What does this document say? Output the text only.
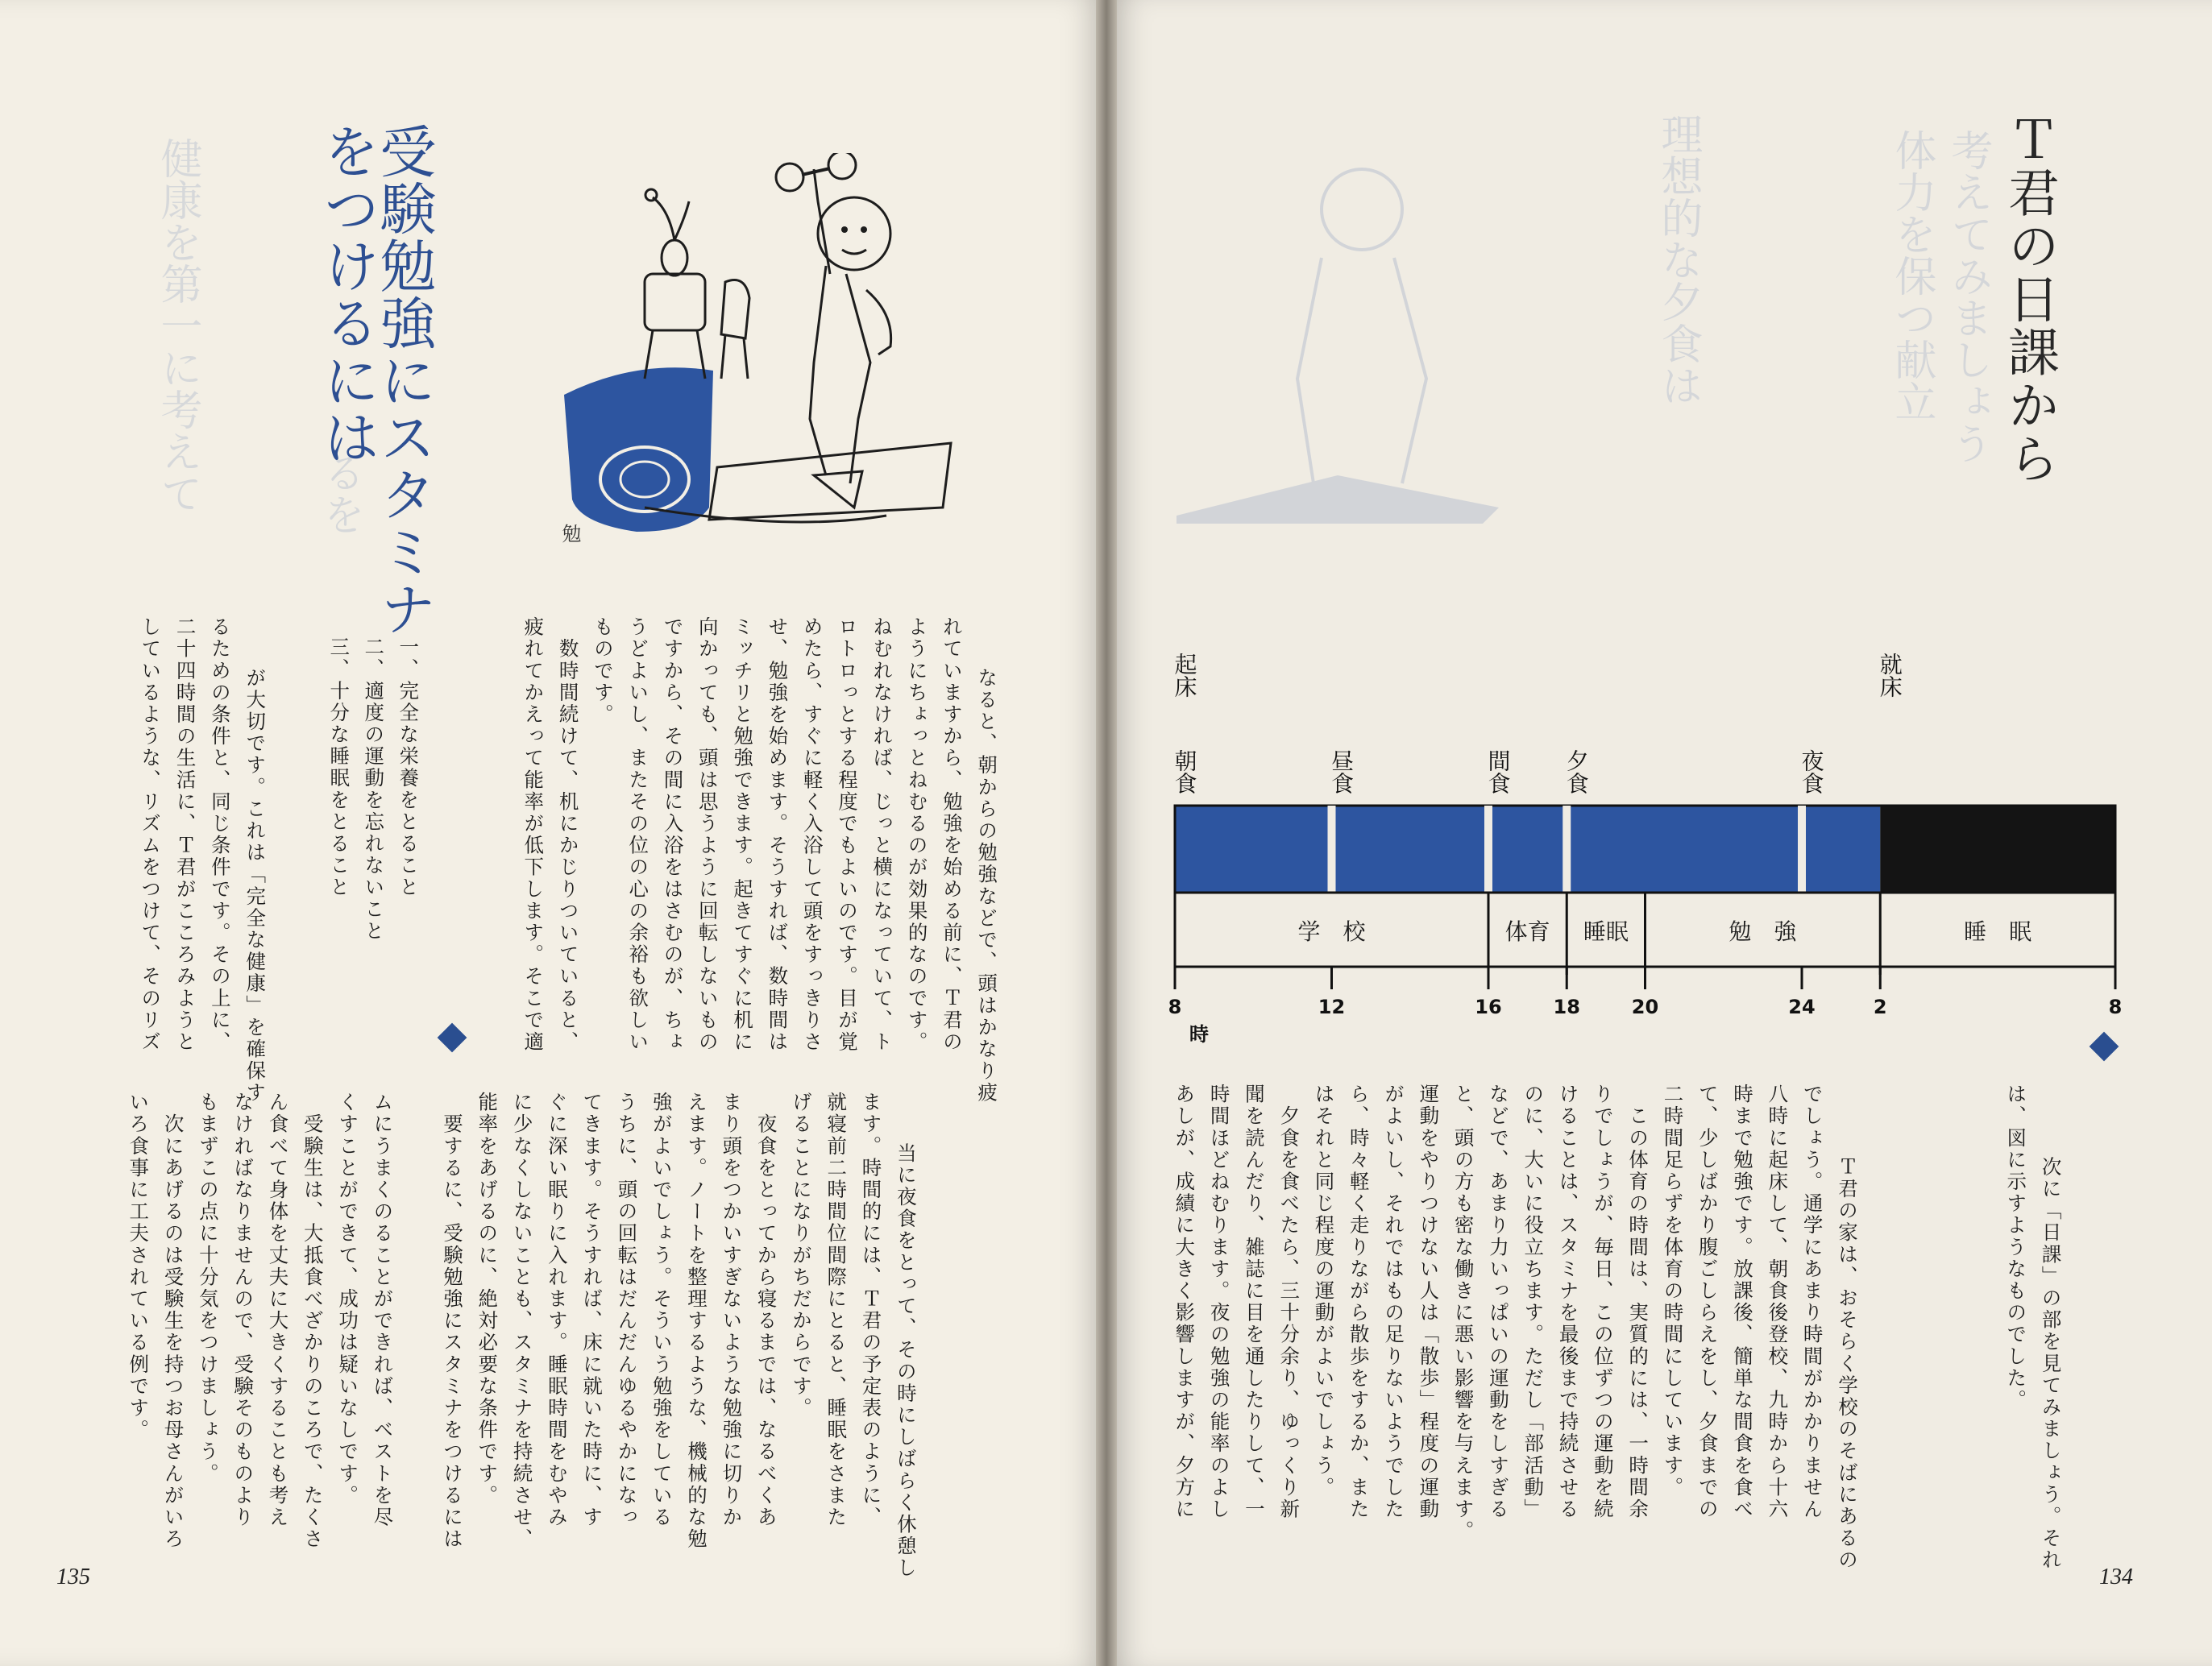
健康を第一に考えて	るを 受験勉強にスタミナ
をつけるには
勉

なると、朝からの勉強などで、頭はかなり疲
れていますから、勉強を始める前に、Ｔ君の
ようにちょっとねむるのが効果的なのです。
ねむれなければ、じっと横になっていて、ト
ロトロっとする程度でもよいのです。目が覚
めたら、すぐに軽く入浴して頭をすっきりさ
せ、勉強を始めます。そうすれば、数時間は
ミッチリと勉強できます。起きてすぐに机に
向かっても、頭は思うように回転しないもの
ですから、その間に入浴をはさむのが、ちょ
うどよいし、またその位の心の余裕も欲しい
ものです。
　数時間続けて、机にかじりついていると、
疲れてかえって能率が低下します。そこで適

一、完全な栄養をとること
二、適度の運動を忘れないこと
三、十分な睡眠をとること

が大切です。これは「完全な健康」を確保す
るための条件と、同じ条件です。その上に、
二十四時間の生活に、Ｔ君がこころみようと
しているような、リズムをつけて、そのリズ

当に夜食をとって、その時にしばらく休憩し
ます。時間的には、Ｔ君の予定表のように、
就寝前二時間位間際にとると、睡眠をさまた
げることになりがちだからです。
　夜食をとってから寝るまでは、なるべくあ
まり頭をつかいすぎないような勉強に切りか
えます。ノートを整理するような、機械的な勉
強がよいでしょう。そういう勉強をしている
うちに、頭の回転はだんだんゆるやかになっ
てきます。そうすれば、床に就いた時に、す
ぐに深い眠りに入れます。睡眠時間をむやみ
に少なくしないことも、スタミナを持続させ、
能率をあげるのに、絶対必要な条件です。
　要するに、受験勉強にスタミナをつけるには

ムにうまくのることができれば、ベストを尽
くすことができて、成功は疑いなしです。
　受験生は、大抵食べざかりのころで、たくさ
ん食べて身体を丈夫に大きくすることも考え
なければなりませんので、受験そのものより
もまずこの点に十分気をつけましょう。
　次にあげるのは受験生を持つお母さんがいろ
いろ食事に工夫されている例です。

135
理想的な夕食は	体力を保つ献立 考えてみましょう Ｔ君の日課から
学　校	体育 睡眠	勉　強	睡　眠
8	12	16	18	20	24	2	8
時
起床
朝食	昼食	間食 夕食	夜食
就床

　次に「日課」の部を見てみましょう。それ
は、図に示すようなものでした。

　Ｔ君の家は、おそらく学校のそばにあるの
でしょう。通学にあまり時間がかかりません
八時に起床して、朝食後登校、九時から十六
時まで勉強です。放課後、簡単な間食を食べ
て、少しばかり腹ごしらえをし、夕食までの
二時間足らずを体育の時間にしています。
　この体育の時間は、実質的には、一時間余
りでしょうが、毎日、この位ずつの運動を続
けることは、スタミナを最後まで持続させる
のに、大いに役立ちます。ただし「部活動」
などで、あまり力いっぱいの運動をしすぎる
と、頭の方も密な働きに悪い影響を与えます。
運動をやりつけない人は「散歩」程度の運動
がよいし、それではもの足りないようでした
ら、時々軽く走りながら散歩をするか、また
はそれと同じ程度の運動がよいでしょう。
　夕食を食べたら、三十分余り、ゆっくり新
聞を読んだり、雑誌に目を通したりして、一
時間ほどねむります。夜の勉強の能率のよし
あしが、成績に大きく影響しますが、夕方に

134
